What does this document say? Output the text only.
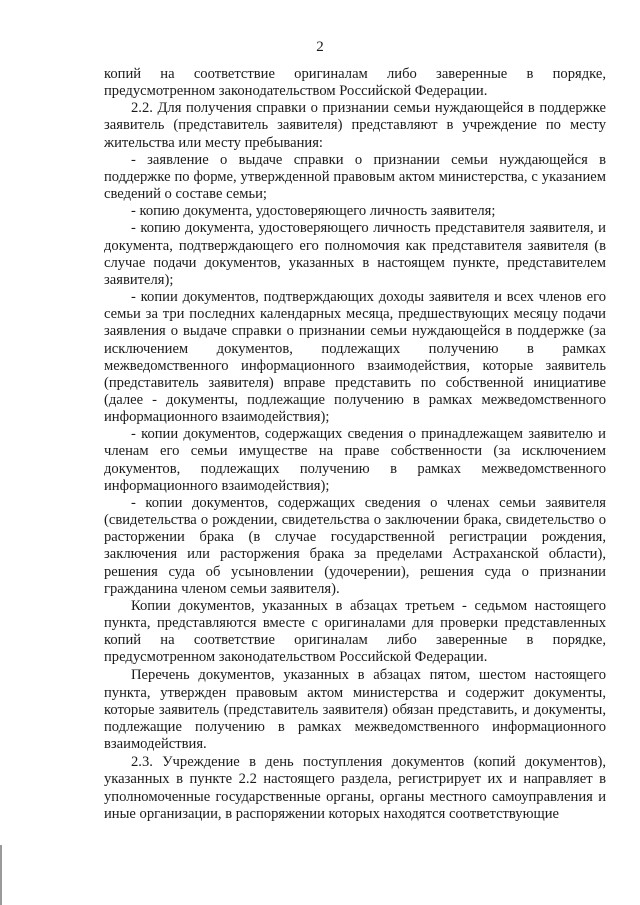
2

копий на соответствие оригиналам либо заверенные в порядке, предусмотренном законодательством Российской Федерации.

2.2. Для получения справки о признании семьи нуждающейся в поддержке заявитель (представитель заявителя) представляют в учреждение по месту жительства или месту пребывания:

- заявление о выдаче справки о признании семьи нуждающейся в поддержке по форме, утвержденной правовым актом министерства, с указанием сведений о составе семьи;

- копию документа, удостоверяющего личность заявителя;

- копию документа, удостоверяющего личность представителя заявителя, и документа, подтверждающего его полномочия как представителя заявителя (в случае подачи документов, указанных в настоящем пункте, представителем заявителя);

- копии документов, подтверждающих доходы заявителя и всех членов его семьи за три последних календарных месяца, предшествующих месяцу подачи заявления о выдаче справки о признании семьи нуждающейся в поддержке (за исключением документов, подлежащих получению в рамках межведомственного информационного взаимодействия, которые заявитель (представитель заявителя) вправе представить по собственной инициативе (далее - документы, подлежащие получению в рамках межведомственного информационного взаимодействия);

- копии документов, содержащих сведения о принадлежащем заявителю и членам его семьи имуществе на праве собственности (за исключением документов, подлежащих получению в рамках межведомственного информационного взаимодействия);

- копии документов, содержащих сведения о членах семьи заявителя (свидетельства о рождении, свидетельства о заключении брака, свидетельство о расторжении брака (в случае государственной регистрации рождения, заключения или расторжения брака за пределами Астраханской области), решения суда об усыновлении (удочерении), решения суда о признании гражданина членом семьи заявителя).

Копии документов, указанных в абзацах третьем - седьмом настоящего пункта, представляются вместе с оригиналами для проверки представленных копий на соответствие оригиналам либо заверенные в порядке, предусмотренном законодательством Российской Федерации.

Перечень документов, указанных в абзацах пятом, шестом настоящего пункта, утвержден правовым актом министерства и содержит документы, которые заявитель (представитель заявителя) обязан представить, и документы, подлежащие получению в рамках межведомственного информационного взаимодействия.

2.3. Учреждение в день поступления документов (копий документов), указанных в пункте 2.2 настоящего раздела, регистрирует их и направляет в уполномоченные государственные органы, органы местного самоуправления и иные организации, в распоряжении которых находятся соответствующие
